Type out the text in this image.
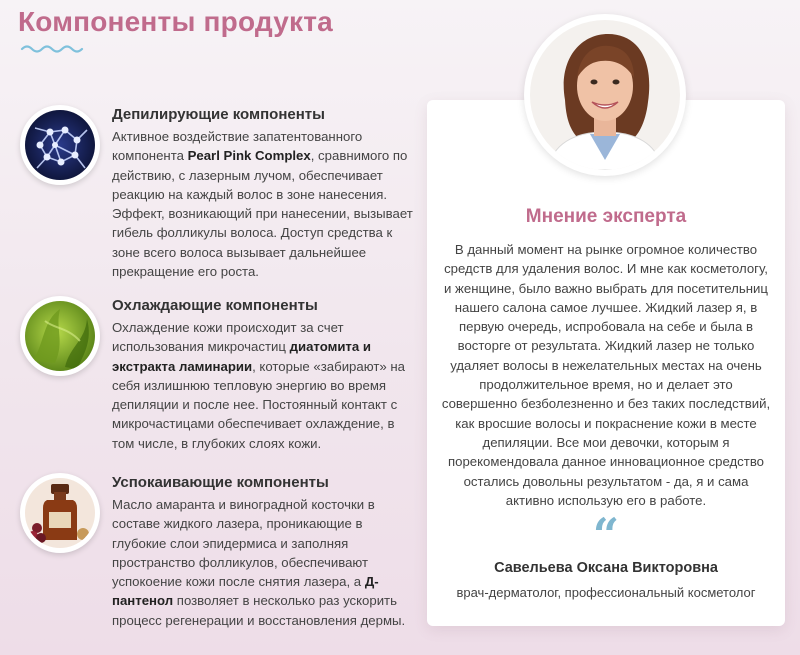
Компоненты продукта
Депилирующие компоненты
Активное воздействие запатентованного компонента Pearl Pink Complex, сравнимого по действию, с лазерным лучом, обеспечивает реакцию на каждый волос в зоне нанесения. Эффект, возникающий при нанесении, вызывает гибель фолликулы волоса. Доступ средства к зоне всего волоса вызывает дальнейшее прекращение его роста.
Охлаждающие компоненты
Охлаждение кожи происходит за счет использования микрочастиц диатомита и экстракта ламинарии, которые «забирают» на себя излишнюю тепловую энергию во время депиляции и после нее. Постоянный контакт с микрочастицами обеспечивает охлаждение, в том числе, в глубоких слоях кожи.
Успокаивающие компоненты
Масло амаранта и виноградной косточки в составе жидкого лазера, проникающие в глубокие слои эпидермиса и заполняя пространство фолликулов, обеспечивают успокоение кожи после снятия лазера, а Д-пантенол позволяет в несколько раз ускорить процесс регенерации и восстановления дермы.
Мнение эксперта
В данный момент на рынке огромное количество средств для удаления волос. И мне как косметологу, и женщине, было важно выбрать для посетительниц нашего салона самое лучшее. Жидкий лазер я, в первую очередь, испробовала на себе и была в восторге от результата. Жидкий лазер не только удаляет волосы в нежелательных местах на очень продолжительное время, но и делает это совершенно безболезненно и без таких последствий, как вросшие волосы и покраснение кожи в месте депиляции. Все мои девочки, которым я порекомендовала данное инновационное средство остались довольны результатом - да, я и сама активно использую его в работе.
“
Савельева Оксана Викторовна
врач-дерматолог, профессиональный косметолог
